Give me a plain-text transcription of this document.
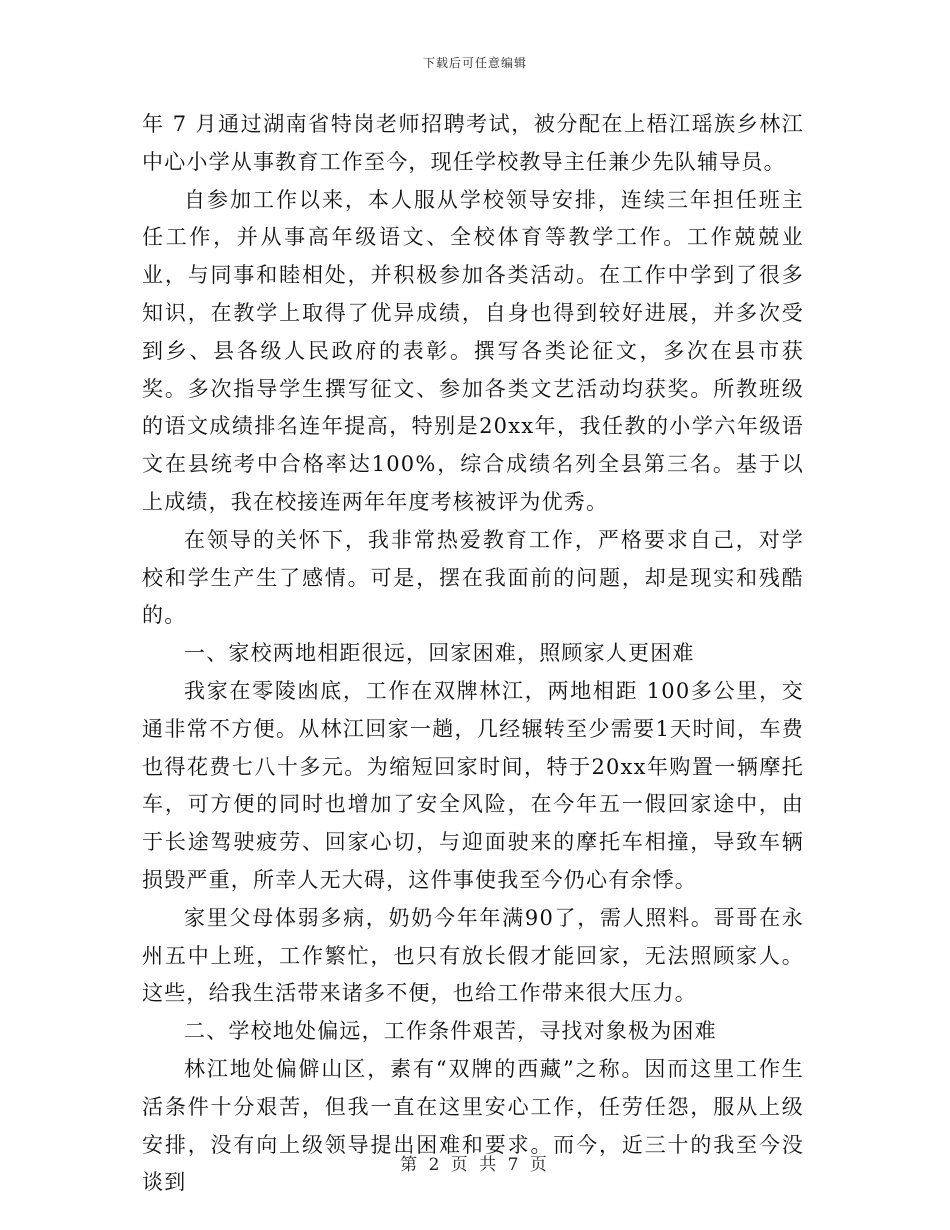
下载后可任意编辑

年 7 月通过湖南省特岗老师招聘考试，被分配在上梧江瑶族乡林江中心小学从事教育工作至今，现任学校教导主任兼少先队辅导员。

自参加工作以来，本人服从学校领导安排，连续三年担任班主任工作，并从事高年级语文、全校体育等教学工作。工作兢兢业业，与同事和睦相处，并积极参加各类活动。在工作中学到了很多知识，在教学上取得了优异成绩，自身也得到较好进展，并多次受到乡、县各级人民政府的表彰。撰写各类论征文，多次在县市获奖。多次指导学生撰写征文、参加各类文艺活动均获奖。所教班级的语文成绩排名连年提高，特别是20xx年，我任教的小学六年级语文在县统考中合格率达100%，综合成绩名列全县第三名。基于以上成绩，我在校接连两年年度考核被评为优秀。

在领导的关怀下，我非常热爱教育工作，严格要求自己，对学校和学生产生了感情。可是，摆在我面前的问题，却是现实和残酷的。

一、家校两地相距很远，回家困难，照顾家人更困难

我家在零陵凼底，工作在双牌林江，两地相距 100多公里，交通非常不方便。从林江回家一趟，几经辗转至少需要1天时间，车费也得花费七八十多元。为缩短回家时间，特于20xx年购置一辆摩托车，可方便的同时也增加了安全风险，在今年五一假回家途中，由于长途驾驶疲劳、回家心切，与迎面驶来的摩托车相撞，导致车辆损毁严重，所幸人无大碍，这件事使我至今仍心有余悸。

家里父母体弱多病，奶奶今年年满90了，需人照料。哥哥在永州五中上班，工作繁忙，也只有放长假才能回家，无法照顾家人。这些，给我生活带来诸多不便，也给工作带来很大压力。

二、学校地处偏远，工作条件艰苦，寻找对象极为困难

林江地处偏僻山区，素有“双牌的西藏”之称。因而这里工作生活条件十分艰苦，但我一直在这里安心工作，任劳任怨，服从上级安排，没有向上级领导提出困难和要求。而今，近三十的我至今没谈到

第 2 页 共 7 页
